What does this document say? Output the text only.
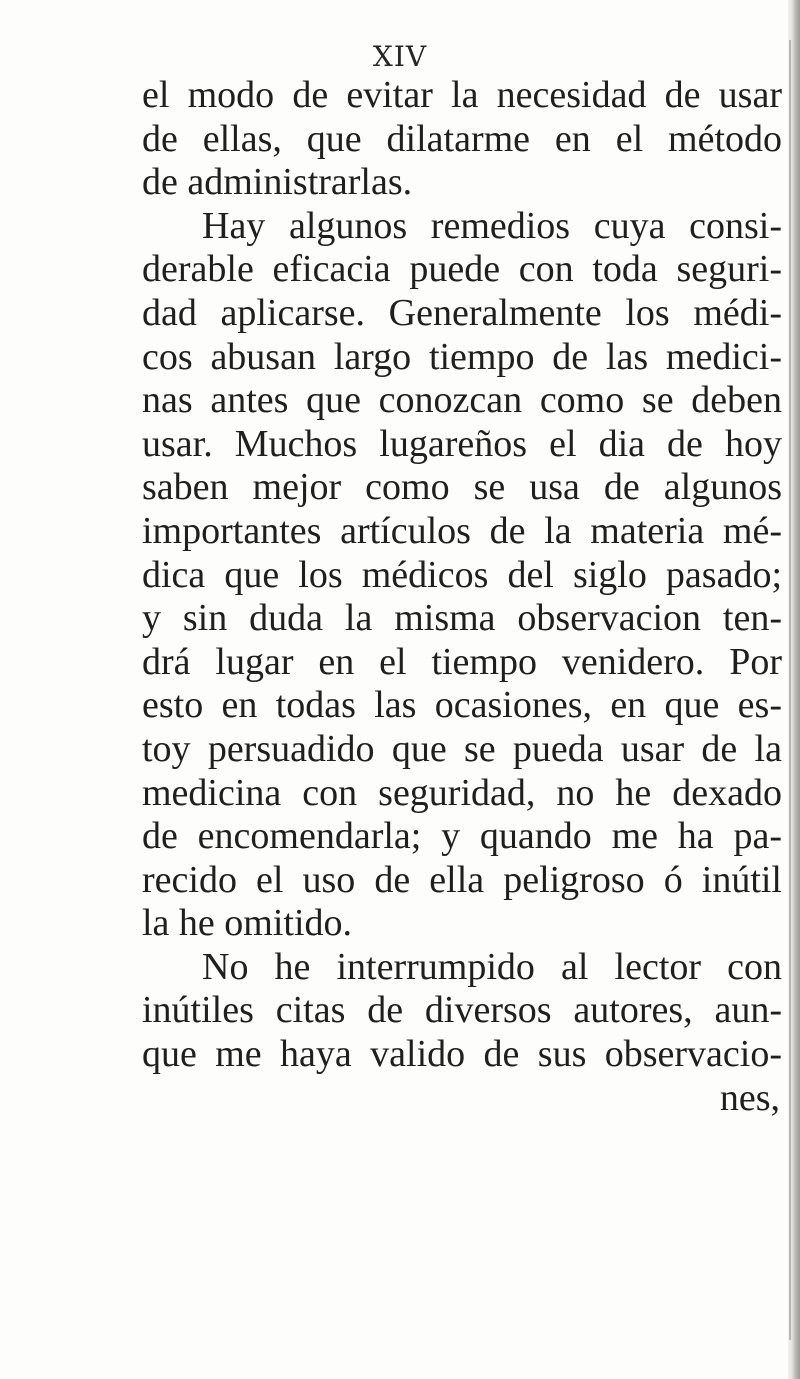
XIV
el modo de evitar la necesidad de usar
de ellas, que dilatarme en el método
de administrarlas.
Hay algunos remedios cuya consi-
derable eficacia puede con toda seguri-
dad aplicarse. Generalmente los médi-
cos abusan largo tiempo de las medici-
nas antes que conozcan como se deben
usar. Muchos lugareños el dia de hoy
saben mejor como se usa de algunos
importantes artículos de la materia mé-
dica que los médicos del siglo pasado;
y sin duda la misma observacion ten-
drá lugar en el tiempo venidero. Por
esto en todas las ocasiones, en que es-
toy persuadido que se pueda usar de la
medicina con seguridad, no he dexado
de encomendarla; y quando me ha pa-
recido el uso de ella peligroso ó inútil
la he omitido.
No he interrumpido al lector con
inútiles citas de diversos autores, aun-
que me haya valido de sus observacio-
nes,
